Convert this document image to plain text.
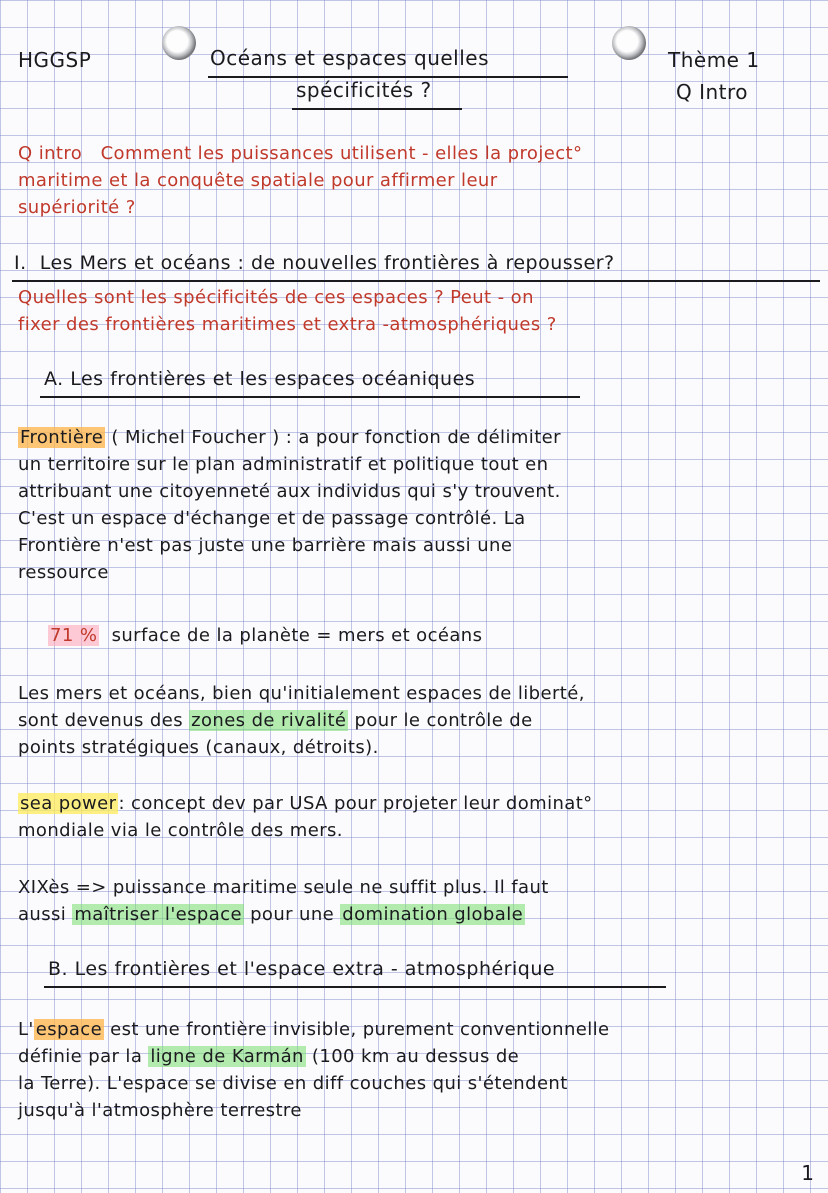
HGGSP	Océans et espaces quelles
spécificités ?
Thème 1
Q Intro
Q intro Comment les puissances utilisent - elles la project°
maritime et la conquête spatiale pour affirmer leur
supériorité ?
I.  Les Mers et océans : de nouvelles frontières à repousser?
Quelles sont les spécificités de ces espaces ? Peut - on
fixer des frontières maritimes et extra -atmosphériques ?
A. Les frontières et les espaces océaniques
Frontière ( Michel Foucher ) : a pour fonction de délimiter
un territoire sur le plan administratif et politique tout en
attribuant une citoyenneté aux individus qui s'y trouvent.
C'est un espace d'échange et de passage contrôlé. La
Frontière n'est pas juste une barrière mais aussi une
ressource
71 % surface de la planète = mers et océans
Les mers et océans, bien qu'initialement espaces de liberté,
sont devenus des zones de rivalité pour le contrôle de
points stratégiques (canaux, détroits).
sea power : concept dev par USA pour projeter leur dominat°
mondiale via le contrôle des mers.
XIXès => puissance maritime seule ne suffit plus. Il faut
aussi maîtriser l'espace pour une domination globale
B. Les frontières et l'espace extra - atmosphérique
L' espace est une frontière invisible, purement conventionnelle
définie par la ligne de Karmán (100 km au dessus de
la Terre). L'espace se divise en diff couches qui s'étendent
jusqu'à l'atmosphère terrestre
1
